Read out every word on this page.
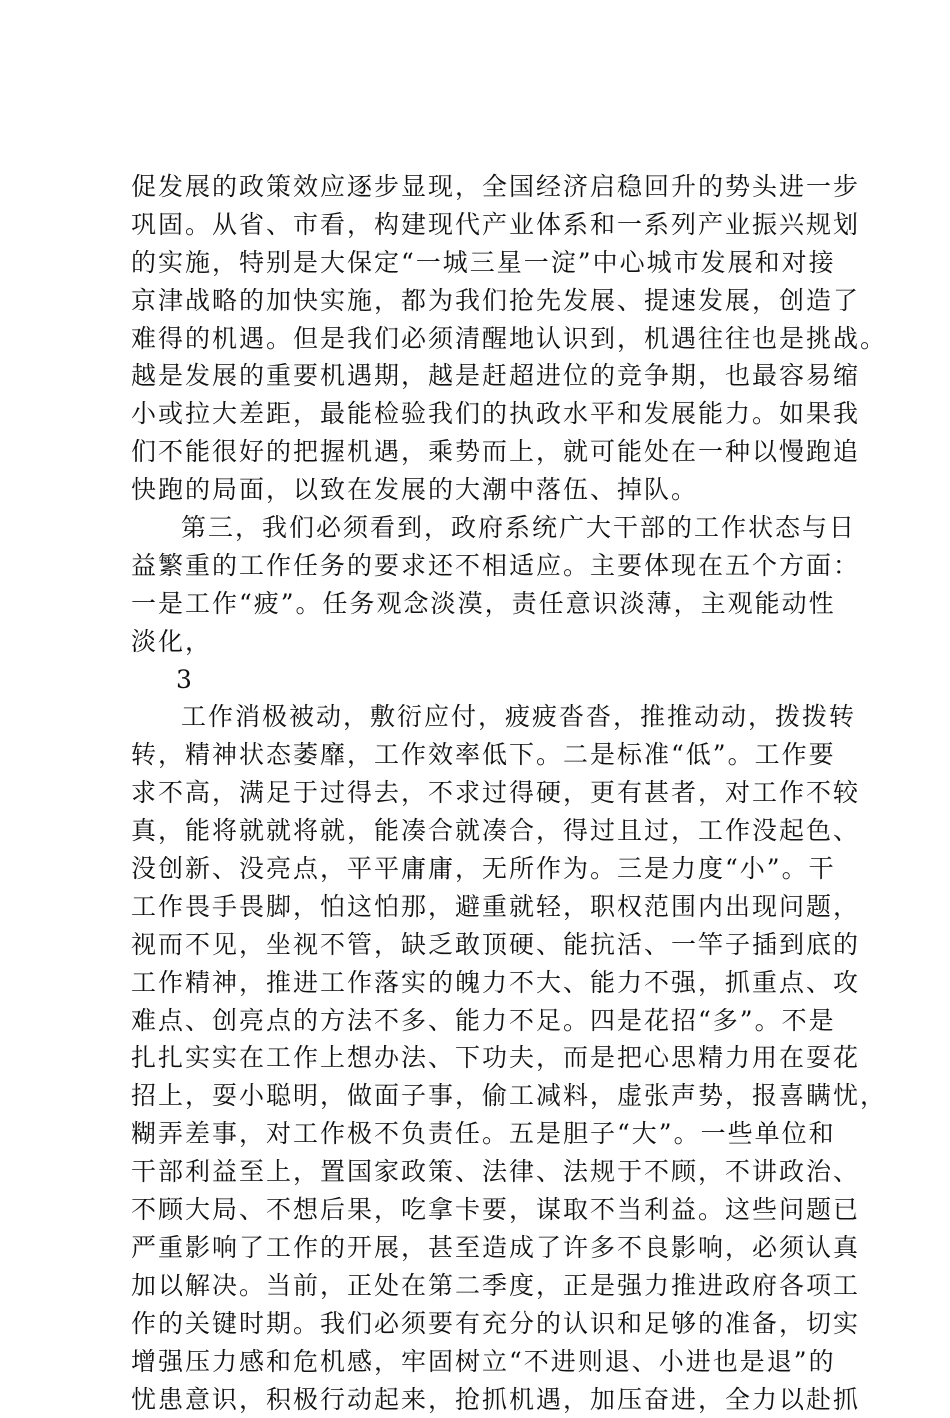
促发展的政策效应逐步显现，全国经济启稳回升的势头进一步
巩固。从省、市看，构建现代产业体系和一系列产业振兴规划
的实施，特别是大保定“一城三星一淀”中心城市发展和对接
京津战略的加快实施，都为我们抢先发展、提速发展，创造了
难得的机遇。但是我们必须清醒地认识到，机遇往往也是挑战。
越是发展的重要机遇期，越是赶超进位的竞争期，也最容易缩
小或拉大差距，最能检验我们的执政水平和发展能力。如果我
们不能很好的把握机遇，乘势而上，就可能处在一种以慢跑追
快跑的局面，以致在发展的大潮中落伍、掉队。
第三，我们必须看到，政府系统广大干部的工作状态与日
益繁重的工作任务的要求还不相适应。主要体现在五个方面：
一是工作“疲”。任务观念淡漠，责任意识淡薄，主观能动性
淡化，
3
工作消极被动，敷衍应付，疲疲沓沓，推推动动，拨拨转
转，精神状态萎靡，工作效率低下。二是标准“低”。工作要
求不高，满足于过得去，不求过得硬，更有甚者，对工作不较
真，能将就就将就，能凑合就凑合，得过且过，工作没起色、
没创新、没亮点，平平庸庸，无所作为。三是力度“小”。干
工作畏手畏脚，怕这怕那，避重就轻，职权范围内出现问题，
视而不见，坐视不管，缺乏敢顶硬、能抗活、一竿子插到底的
工作精神，推进工作落实的魄力不大、能力不强，抓重点、攻
难点、创亮点的方法不多、能力不足。四是花招“多”。不是
扎扎实实在工作上想办法、下功夫，而是把心思精力用在耍花
招上，耍小聪明，做面子事，偷工减料，虚张声势，报喜瞒忧，
糊弄差事，对工作极不负责任。五是胆子“大”。一些单位和
干部利益至上，置国家政策、法律、法规于不顾，不讲政治、
不顾大局、不想后果，吃拿卡要，谋取不当利益。这些问题已
严重影响了工作的开展，甚至造成了许多不良影响，必须认真
加以解决。当前，正处在第二季度，正是强力推进政府各项工
作的关键时期。我们必须要有充分的认识和足够的准备，切实
增强压力感和危机感，牢固树立“不进则退、小进也是退”的
忧患意识，积极行动起来，抢抓机遇，加压奋进，全力以赴抓
